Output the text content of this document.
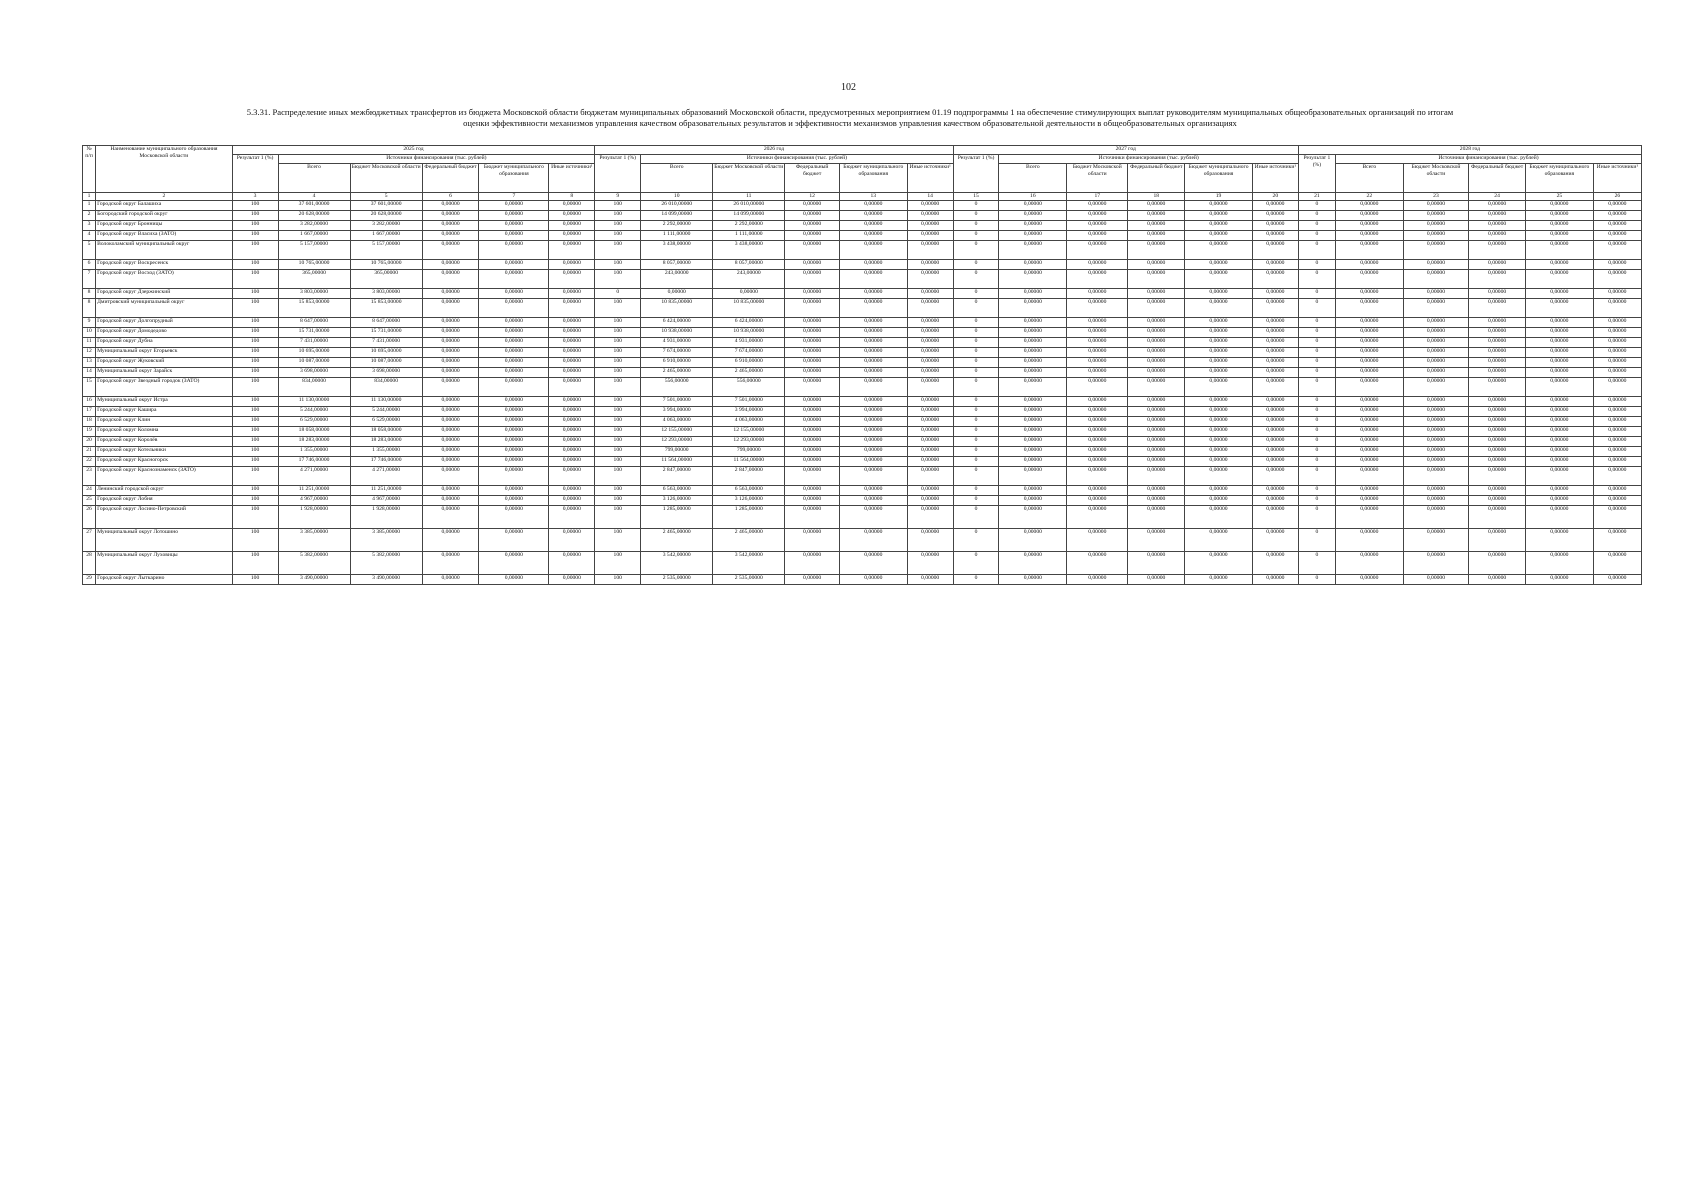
102
5.3.31. Распределение иных межбюджетных трансфертов из бюджета Московской области бюджетам муниципальных образований Московской области, предусмотренных мероприятием 01.19 подпрограммы 1 на обеспечение стимулирующих выплат руководителям муниципальных общеобразовательных организаций по итогам
оценки эффективности механизмов управления качеством образовательных результатов и эффективности механизмов управления качеством образовательной деятельности в общеобразовательных организациях
№ п/п	Наименование муниципального образования Московской области	2025 год						2026 год						2027 год						2028 год					
		Результат 1 (%)	Источники финансирования (тыс. рублей)					Результат 1 (%)	Источники финансирования (тыс. рублей)					Результат 1 (%)	Источники финансирования (тыс. рублей)					Результат 1 (%)	Источники финансирования (тыс. рублей)				
			Всего	Бюджет Московской области	Федеральный бюджет	Бюджет муниципального образования	Иные источники¹		Всего	Бюджет Московской области	Федеральный бюджет	Бюджет муниципального образования	Иные источники¹		Всего	Бюджет Московской области	Федеральный бюджет	Бюджет муниципального образования	Иные источники¹		Всего	Бюджет Московской области	Федеральный бюджет	Бюджет муниципального образования	Иные источники¹
1	2	3	4	5	6	7	8	9	10	11	12	13	14	15	16	17	18	19	20	21	22	23	24	25	26
1	Городской округ Балашиха	100	37 601,00000	37 601,00000	0,00000	0,00000	0,00000	100	26 010,00000	26 010,00000	0,00000	0,00000	0,00000	0	0,00000	0,00000	0,00000	0,00000	0,00000	0	0,00000	0,00000	0,00000	0,00000	0,00000
2	Богородский городской округ	100	20 628,00000	20 628,00000	0,00000	0,00000	0,00000	100	14 099,00000	14 099,00000	0,00000	0,00000	0,00000	0	0,00000	0,00000	0,00000	0,00000	0,00000	0	0,00000	0,00000	0,00000	0,00000	0,00000
3	Городской округ Бронницы	100	3 282,00000	3 282,00000	0,00000	0,00000	0,00000	100	2 292,00000	2 292,00000	0,00000	0,00000	0,00000	0	0,00000	0,00000	0,00000	0,00000	0,00000	0	0,00000	0,00000	0,00000	0,00000	0,00000
4	Городской округ Власиха (ЗАТО)	100	1 667,00000	1 667,00000	0,00000	0,00000	0,00000	100	1 111,00000	1 111,00000	0,00000	0,00000	0,00000	0	0,00000	0,00000	0,00000	0,00000	0,00000	0	0,00000	0,00000	0,00000	0,00000	0,00000
5	Волоколамский муниципальный округ	100	5 157,00000	5 157,00000	0,00000	0,00000	0,00000	100	3 438,00000	3 438,00000	0,00000	0,00000	0,00000	0	0,00000	0,00000	0,00000	0,00000	0,00000	0	0,00000	0,00000	0,00000	0,00000	0,00000
6	Городской округ Воскресенск	100	10 765,00000	10 765,00000	0,00000	0,00000	0,00000	100	8 057,00000	8 057,00000	0,00000	0,00000	0,00000	0	0,00000	0,00000	0,00000	0,00000	0,00000	0	0,00000	0,00000	0,00000	0,00000	0,00000
7	Городской округ Восход (ЗАТО)	100	365,00000	365,00000	0,00000	0,00000	0,00000	100	243,00000	243,00000	0,00000	0,00000	0,00000	0	0,00000	0,00000	0,00000	0,00000	0,00000	0	0,00000	0,00000	0,00000	0,00000	0,00000
8	Городской округ Дзержинский	100	3 803,00000	3 803,00000	0,00000	0,00000	0,00000	0	0,00000	0,00000	0,00000	0,00000	0,00000	0	0,00000	0,00000	0,00000	0,00000	0,00000	0	0,00000	0,00000	0,00000	0,00000	0,00000
8	Дмитровский муниципальный округ	100	15 853,00000	15 853,00000	0,00000	0,00000	0,00000	100	10 835,00000	10 835,00000	0,00000	0,00000	0,00000	0	0,00000	0,00000	0,00000	0,00000	0,00000	0	0,00000	0,00000	0,00000	0,00000	0,00000
9	Городской округ Долгопрудный	100	8 647,00000	8 647,00000	0,00000	0,00000	0,00000	100	6 424,00000	6 424,00000	0,00000	0,00000	0,00000	0	0,00000	0,00000	0,00000	0,00000	0,00000	0	0,00000	0,00000	0,00000	0,00000	0,00000
10	Городской округ Домодедово	100	15 731,00000	15 731,00000	0,00000	0,00000	0,00000	100	10 938,00000	10 938,00000	0,00000	0,00000	0,00000	0	0,00000	0,00000	0,00000	0,00000	0,00000	0	0,00000	0,00000	0,00000	0,00000	0,00000
11	Городской округ Дубна	100	7 431,00000	7 431,00000	0,00000	0,00000	0,00000	100	4 931,00000	4 931,00000	0,00000	0,00000	0,00000	0	0,00000	0,00000	0,00000	0,00000	0,00000	0	0,00000	0,00000	0,00000	0,00000	0,00000
12	Муниципальный округ Егорьевск	100	10 695,00000	10 695,00000	0,00000	0,00000	0,00000	100	7 674,00000	7 674,00000	0,00000	0,00000	0,00000	0	0,00000	0,00000	0,00000	0,00000	0,00000	0	0,00000	0,00000	0,00000	0,00000	0,00000
13	Городской округ Жуковский	100	10 087,00000	10 087,00000	0,00000	0,00000	0,00000	100	6 910,00000	6 910,00000	0,00000	0,00000	0,00000	0	0,00000	0,00000	0,00000	0,00000	0,00000	0	0,00000	0,00000	0,00000	0,00000	0,00000
14	Муниципальный округ Зарайск	100	3 698,00000	3 698,00000	0,00000	0,00000	0,00000	100	2 465,00000	2 465,00000	0,00000	0,00000	0,00000	0	0,00000	0,00000	0,00000	0,00000	0,00000	0	0,00000	0,00000	0,00000	0,00000	0,00000
15	Городской округ Звездный городок (ЗАТО)	100	834,00000	834,00000	0,00000	0,00000	0,00000	100	556,00000	556,00000	0,00000	0,00000	0,00000	0	0,00000	0,00000	0,00000	0,00000	0,00000	0	0,00000	0,00000	0,00000	0,00000	0,00000
16	Муниципальный округ Истра	100	11 130,00000	11 130,00000	0,00000	0,00000	0,00000	100	7 501,00000	7 501,00000	0,00000	0,00000	0,00000	0	0,00000	0,00000	0,00000	0,00000	0,00000	0	0,00000	0,00000	0,00000	0,00000	0,00000
17	Городской округ Кашира	100	5 244,00000	5 244,00000	0,00000	0,00000	0,00000	100	3 994,00000	3 994,00000	0,00000	0,00000	0,00000	0	0,00000	0,00000	0,00000	0,00000	0,00000	0	0,00000	0,00000	0,00000	0,00000	0,00000
18	Городской округ Клин	100	6 529,00000	6 529,00000	0,00000	0,00000	0,00000	100	4 063,00000	4 063,00000	0,00000	0,00000	0,00000	0	0,00000	0,00000	0,00000	0,00000	0,00000	0	0,00000	0,00000	0,00000	0,00000	0,00000
19	Городской округ Коломна	100	18 058,00000	18 058,00000	0,00000	0,00000	0,00000	100	12 155,00000	12 155,00000	0,00000	0,00000	0,00000	0	0,00000	0,00000	0,00000	0,00000	0,00000	0	0,00000	0,00000	0,00000	0,00000	0,00000
20	Городской округ Королёв	100	18 283,00000	18 283,00000	0,00000	0,00000	0,00000	100	12 293,00000	12 293,00000	0,00000	0,00000	0,00000	0	0,00000	0,00000	0,00000	0,00000	0,00000	0	0,00000	0,00000	0,00000	0,00000	0,00000
21	Городской округ Котельники	100	1 355,00000	1 355,00000	0,00000	0,00000	0,00000	100	799,00000	799,00000	0,00000	0,00000	0,00000	0	0,00000	0,00000	0,00000	0,00000	0,00000	0	0,00000	0,00000	0,00000	0,00000	0,00000
22	Городской округ Красногорск	100	17 746,00000	17 746,00000	0,00000	0,00000	0,00000	100	11 564,00000	11 564,00000	0,00000	0,00000	0,00000	0	0,00000	0,00000	0,00000	0,00000	0,00000	0	0,00000	0,00000	0,00000	0,00000	0,00000
23	Городской округ Краснознаменск (ЗАТО)	100	4 271,00000	4 271,00000	0,00000	0,00000	0,00000	100	2 847,00000	2 847,00000	0,00000	0,00000	0,00000	0	0,00000	0,00000	0,00000	0,00000	0,00000	0	0,00000	0,00000	0,00000	0,00000	0,00000
24	Ленинский городской округ	100	11 251,00000	11 251,00000	0,00000	0,00000	0,00000	100	6 563,00000	6 563,00000	0,00000	0,00000	0,00000	0	0,00000	0,00000	0,00000	0,00000	0,00000	0	0,00000	0,00000	0,00000	0,00000	0,00000
25	Городской округ Лобня	100	4 967,00000	4 967,00000	0,00000	0,00000	0,00000	100	3 126,00000	3 126,00000	0,00000	0,00000	0,00000	0	0,00000	0,00000	0,00000	0,00000	0,00000	0	0,00000	0,00000	0,00000	0,00000	0,00000
26	Городской округ Лосино-Петровский	100	1 928,00000	1 928,00000	0,00000	0,00000	0,00000	100	1 285,00000	1 285,00000	0,00000	0,00000	0,00000	0	0,00000	0,00000	0,00000	0,00000	0,00000	0	0,00000	0,00000	0,00000	0,00000	0,00000
27	Муниципальный округ Лотошино	100	3 385,00000	3 385,00000	0,00000	0,00000	0,00000	100	2 465,00000	2 465,00000	0,00000	0,00000	0,00000	0	0,00000	0,00000	0,00000	0,00000	0,00000	0	0,00000	0,00000	0,00000	0,00000	0,00000
28	Муниципальный округ Луховицы	100	5 382,00000	5 382,00000	0,00000	0,00000	0,00000	100	3 542,00000	3 542,00000	0,00000	0,00000	0,00000	0	0,00000	0,00000	0,00000	0,00000	0,00000	0	0,00000	0,00000	0,00000	0,00000	0,00000
29	Городской округ Лыткарино	100	3 490,00000	3 490,00000	0,00000	0,00000	0,00000	100	2 535,00000	2 535,00000	0,00000	0,00000	0,00000	0	0,00000	0,00000	0,00000	0,00000	0,00000	0	0,00000	0,00000	0,00000	0,00000	0,00000
